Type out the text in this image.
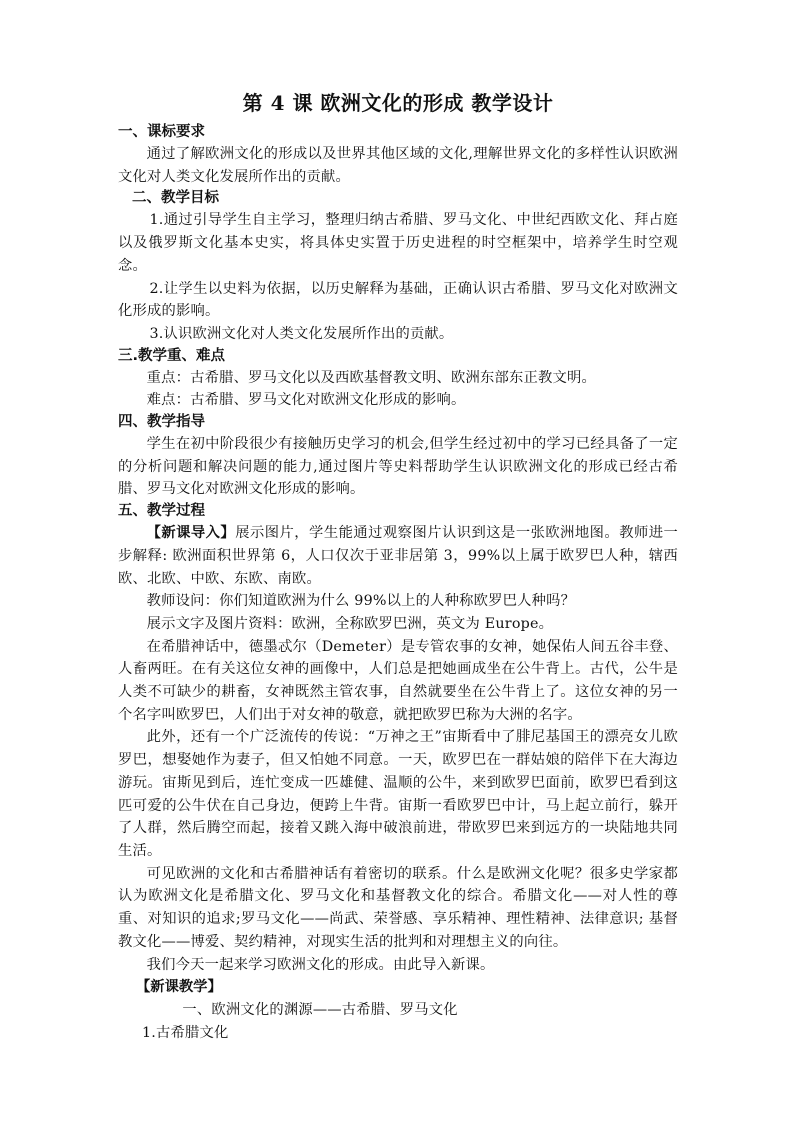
第 4 课 欧洲文化的形成 教学设计
一、课标要求

通过了解欧洲文化的形成以及世界其他区域的文化,理解世界文化的多样性认识欧洲文化对人类文化发展所作出的贡献。

二、教学目标

1.通过引导学生自主学习，整理归纳古希腊、罗马文化、中世纪西欧文化、拜占庭以及俄罗斯文化基本史实，将具体史实置于历史进程的时空框架中，培养学生时空观念。

2.让学生以史料为依据，以历史解释为基础，正确认识古希腊、罗马文化对欧洲文化形成的影响。

3.认识欧洲文化对人类文化发展所作出的贡献。

三.教学重、难点

重点：古希腊、罗马文化以及西欧基督教文明、欧洲东部东正教文明。

难点：古希腊、罗马文化对欧洲文化形成的影响。

四、教学指导

学生在初中阶段很少有接触历史学习的机会,但学生经过初中的学习已经具备了一定的分析问题和解决问题的能力,通过图片等史料帮助学生认识欧洲文化的形成已经古希腊、罗马文化对欧洲文化形成的影响。

五、教学过程

【新课导入】展示图片，学生能通过观察图片认识到这是一张欧洲地图。教师进一步解释: 欧洲面积世界第 6，人口仅次于亚非居第 3，99%以上属于欧罗巴人种，辖西欧、北欧、中欧、东欧、南欧。

教师设问：你们知道欧洲为什么 99%以上的人种称欧罗巴人种吗？

展示文字及图片资料：欧洲，全称欧罗巴洲，英文为 Europe。

在希腊神话中，德墨忒尔（Demeter）是专管农事的女神，她保佑人间五谷丰登、人畜两旺。在有关这位女神的画像中，人们总是把她画成坐在公牛背上。古代，公牛是人类不可缺少的耕畜，女神既然主管农事，自然就要坐在公牛背上了。这位女神的另一个名字叫欧罗巴，人们出于对女神的敬意，就把欧罗巴称为大洲的名字。

此外，还有一个广泛流传的传说：“万神之王”宙斯看中了腓尼基国王的漂亮女儿欧罗巴，想娶她作为妻子，但又怕她不同意。一天，欧罗巴在一群姑娘的陪伴下在大海边游玩。宙斯见到后，连忙变成一匹雄健、温顺的公牛，来到欧罗巴面前，欧罗巴看到这匹可爱的公牛伏在自己身边，便跨上牛背。宙斯一看欧罗巴中计，马上起立前行，躲开了人群，然后腾空而起，接着又跳入海中破浪前进，带欧罗巴来到远方的一块陆地共同生活。

可见欧洲的文化和古希腊神话有着密切的联系。什么是欧洲文化呢？很多史学家都认为欧洲文化是希腊文化、罗马文化和基督教文化的综合。希腊文化——对人性的尊重、对知识的追求;罗马文化——尚武、荣誉感、享乐精神、理性精神、法律意识; 基督教文化——博爱、契约精神，对现实生活的批判和对理想主义的向往。

我们今天一起来学习欧洲文化的形成。由此导入新课。

【新课教学】

一、欧洲文化的渊源——古希腊、罗马文化

1.古希腊文化
